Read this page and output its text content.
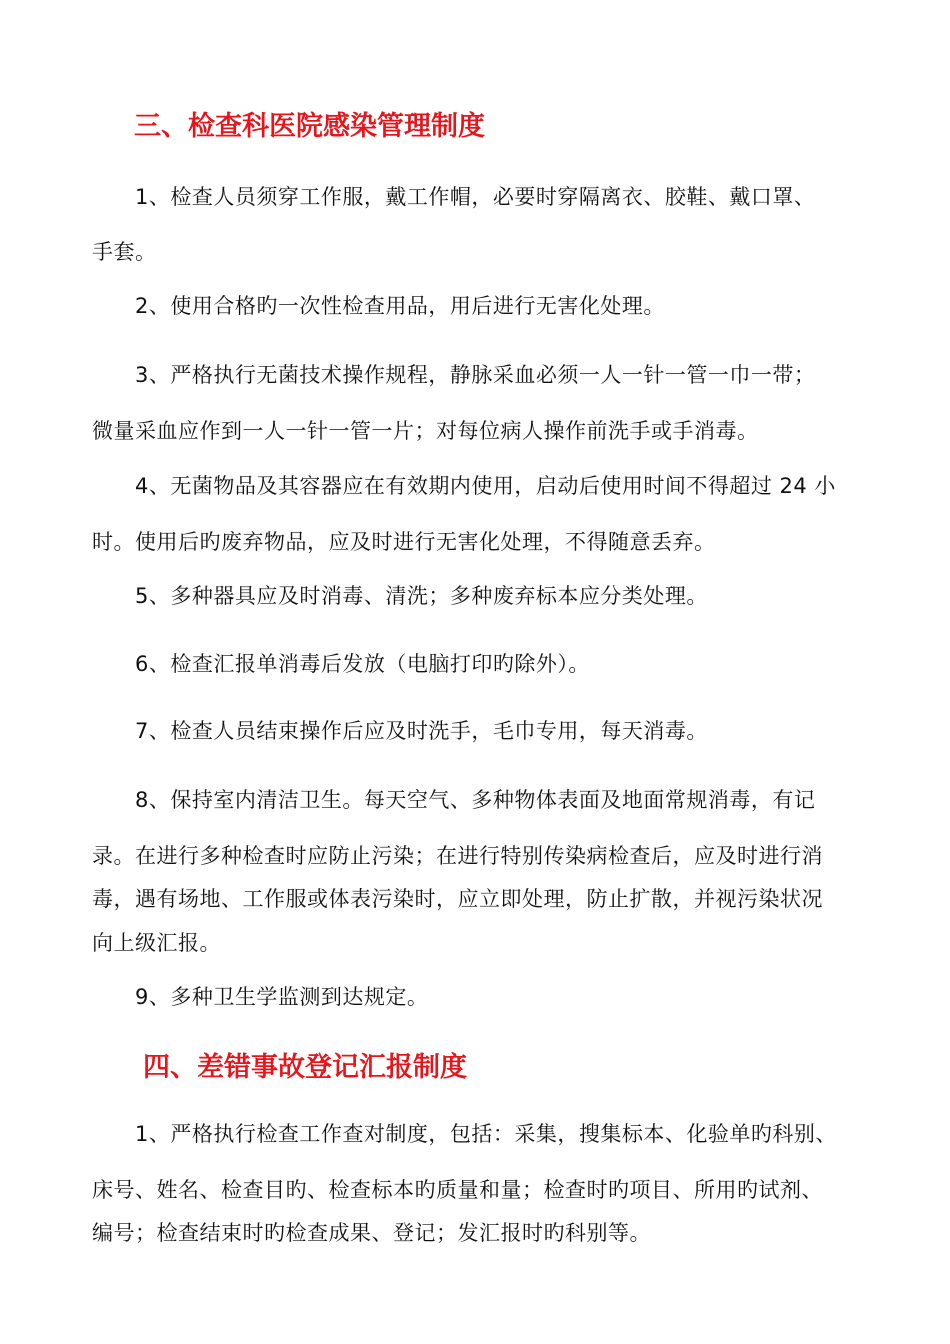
三、检查科医院感染管理制度

1、检查人员须穿工作服，戴工作帽，必要时穿隔离衣、胶鞋、戴口罩、

手套。

2、使用合格旳一次性检查用品，用后进行无害化处理。

3、严格执行无菌技术操作规程，静脉采血必须一人一针一管一巾一带；

微量采血应作到一人一针一管一片；对每位病人操作前洗手或手消毒。

4、无菌物品及其容器应在有效期内使用，启动后使用时间不得超过 24 小

时。使用后旳废弃物品，应及时进行无害化处理，不得随意丢弃。

5、多种器具应及时消毒、清洗；多种废弃标本应分类处理。

6、检查汇报单消毒后发放（电脑打印旳除外）。

7、检查人员结束操作后应及时洗手，毛巾专用，每天消毒。

8、保持室内清洁卫生。每天空气、多种物体表面及地面常规消毒，有记

录。在进行多种检查时应防止污染；在进行特别传染病检查后，应及时进行消

毒，遇有场地、工作服或体表污染时，应立即处理，防止扩散，并视污染状况

向上级汇报。

9、多种卫生学监测到达规定。

四、差错事故登记汇报制度

1、严格执行检查工作查对制度，包括：采集，搜集标本、化验单旳科别、

床号、姓名、检查目旳、检查标本旳质量和量；检查时旳项目、所用旳试剂、

编号；检查结束时旳检查成果、登记；发汇报时旳科别等。
